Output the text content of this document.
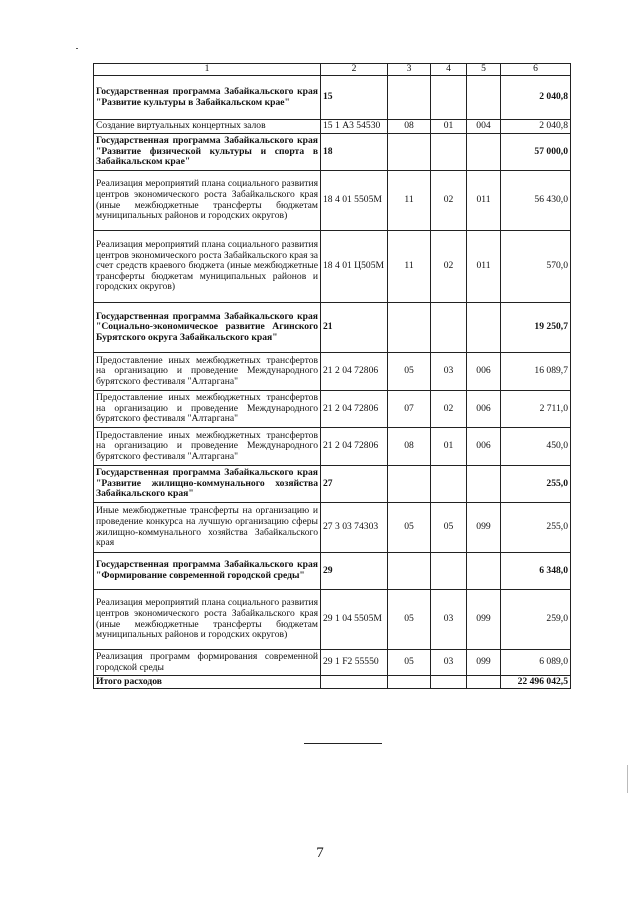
1	2	3	4	5	6
Государственная программа Забайкальского края "Развитие культуры в Забайкальском крае"	15				2 040,8
Создание виртуальных концертных залов	15 1 А3 54530	08	01	004	2 040,8
Государственная программа Забайкальского края "Развитие физической культуры и спорта в Забайкальском крае"	18				57 000,0
Реализация мероприятий плана социального развития центров экономического роста Забайкальского края (иные межбюджетные трансферты бюджетам муниципальных районов и городских округов)	18 4 01 5505М	11	02	011	56 430,0
Реализация мероприятий плана социального развития центров экономического роста Забайкальского края за счет средств краевого бюджета (иные межбюджетные трансферты бюджетам муниципальных районов и городских округов)	18 4 01 Ц505М	11	02	011	570,0
Государственная программа Забайкальского края "Социально-экономическое развитие Агинского Бурятского округа Забайкальского края"	21				19 250,7
Предоставление иных межбюджетных трансфертов на организацию и проведение Международного бурятского фестиваля "Алтаргана"	21 2 04 72806	05	03	006	16 089,7
Предоставление иных межбюджетных трансфертов на организацию и проведение Международного бурятского фестиваля "Алтаргана"	21 2 04 72806	07	02	006	2 711,0
Предоставление иных межбюджетных трансфертов на организацию и проведение Международного бурятского фестиваля "Алтаргана"	21 2 04 72806	08	01	006	450,0
Государственная программа Забайкальского края "Развитие жилищно-коммунального хозяйства Забайкальского края"	27				255,0
Иные межбюджетные трансферты на организацию и проведение конкурса на лучшую организацию сферы жилищно-коммунального хозяйства Забайкальского края	27 3 03 74303	05	05	099	255,0
Государственная программа Забайкальского края "Формирование современной городской среды"	29				6 348,0
Реализация мероприятий плана социального развития центров экономического роста Забайкальского края (иные межбюджетные трансферты бюджетам муниципальных районов и городских округов)	29 1 04 5505М	05	03	099	259,0
Реализация программ формирования современной городской среды	29 1 F2 55550	05	03	099	6 089,0
Итого расходов					22 496 042,5
7
